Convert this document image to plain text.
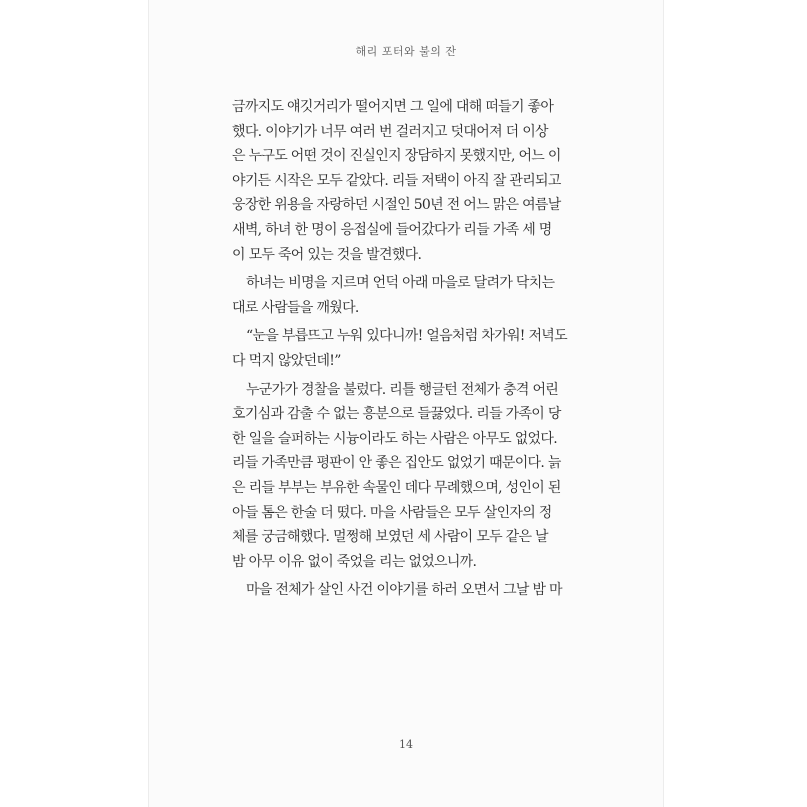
해리 포터와 불의 잔
금까지도 얘깃거리가 떨어지면 그 일에 대해 떠들기 좋아
했다. 이야기가 너무 여러 번 걸러지고 덧대어져 더 이상
은 누구도 어떤 것이 진실인지 장담하지 못했지만, 어느 이
야기든 시작은 모두 같았다. 리들 저택이 아직 잘 관리되고
웅장한 위용을 자랑하던 시절인 50년 전 어느 맑은 여름날
새벽, 하녀 한 명이 응접실에 들어갔다가 리들 가족 세 명
이 모두 죽어 있는 것을 발견했다.
하녀는 비명을 지르며 언덕 아래 마을로 달려가 닥치는
대로 사람들을 깨웠다.
“눈을 부릅뜨고 누워 있다니까! 얼음처럼 차가워! 저녁도
다 먹지 않았던데!”
누군가가 경찰을 불렀다. 리틀 행글턴 전체가 충격 어린
호기심과 감출 수 없는 흥분으로 들끓었다. 리들 가족이 당
한 일을 슬퍼하는 시늉이라도 하는 사람은 아무도 없었다.
리들 가족만큼 평판이 안 좋은 집안도 없었기 때문이다. 늙
은 리들 부부는 부유한 속물인 데다 무례했으며, 성인이 된
아들 톰은 한술 더 떴다. 마을 사람들은 모두 살인자의 정
체를 궁금해했다. 멀쩡해 보였던 세 사람이 모두 같은 날
밤 아무 이유 없이 죽었을 리는 없었으니까.
마을 전체가 살인 사건 이야기를 하러 오면서 그날 밤 마
14
